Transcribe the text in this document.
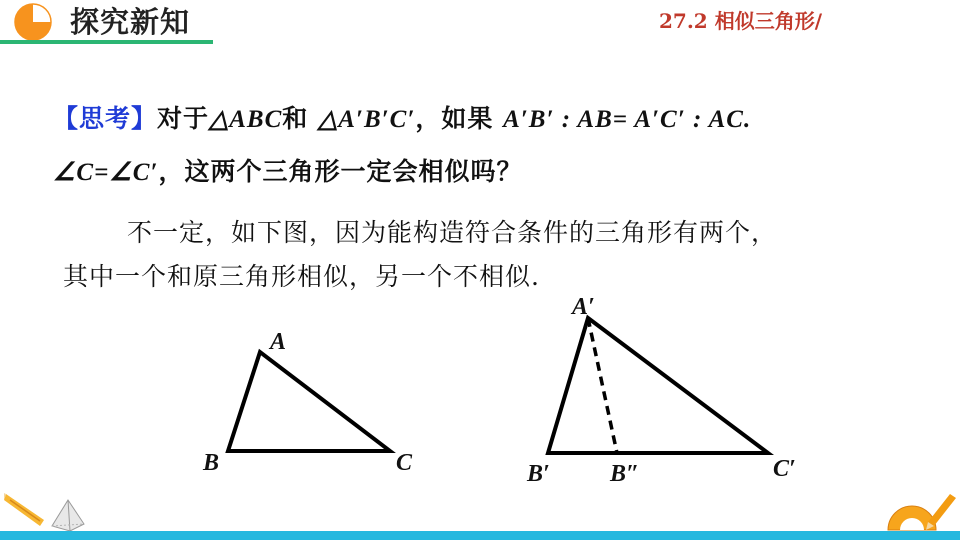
探究新知	27.2 相似三角形/
【思考】对于△ABC和 △A′B′C′，如果 A′B′ : AB= A′C′ : AC.
∠C=∠C′，这两个三角形一定会相似吗？
不一定，如下图，因为能构造符合条件的三角形有两个，
其中一个和原三角形相似，另一个不相似.
A
B	C
A′
B′	B″	C′
